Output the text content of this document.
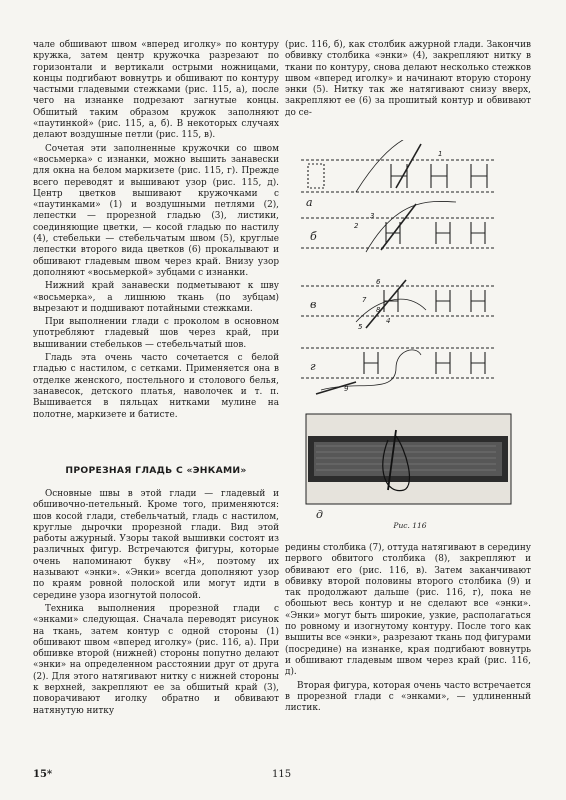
чале обшивают швом «вперед иголку» по контуру кружка, затем центр кружочка разрезают по горизонтали и вертикали острыми ножницами, концы подгибают вовнутрь и обшивают по контуру частыми гладевыми стежками (рис. 115, а), после чего на изнанке подрезают загнутые концы. Обшитый таким образом кружок заполняют «паутинкой» (рис. 115, а, б). В некоторых случаях делают воздушные петли (рис. 115, в).

Сочетая эти заполненные кружочки со швом «восьмерка» с изнанки, можно вышить занавески для окна на белом маркизете (рис. 115, г). Прежде всего переводят и вышивают узор (рис. 115, д). Центр цветков вышивают кружочками с «паутинками» (1) и воздушными петлями (2), лепестки — прорезной гладью (3), листики, соединяющие цветки, — косой гладью по настилу (4), стебельки — стебельчатым швом (5), круглые лепестки второго вида цветков (6) прокалывают и обшивают гладевым швом через край. Внизу узор дополняют «восьмеркой» зубцами с изнанки.

Нижний край занавески подметывают к шву «восьмерка», а лишнюю ткань (по зубцам) вырезают и подшивают потайными стежками.

При выполнении глади с проколом в основном употребляют гладевый шов через край, при вышивании стебельков — стебельчатый шов.

Гладь эта очень часто сочетается с белой гладью с настилом, с сетками. Применяется она в отделке женского, постельного и столового белья, занавесок, детского платья, наволочек и т. п. Вышивается в пяльцах нитками мулине на полотне, маркизете и батисте.

ПРОРЕЗНАЯ ГЛАДЬ С «ЭНКАМИ»

Основные швы в этой глади — гладевый и обшивочно-петельный. Кроме того, применяются: шов косой глади, стебельчатый, гладь с настилом, круглые дырочки прорезной глади. Вид этой работы ажурный. Узоры такой вышивки состоят из различных фигур. Встречаются фигуры, которые очень напоминают букву «Н», поэтому их называют «энки». «Энки» всегда дополняют узор по краям ровной полоской или могут идти в середине узора изогнутой полосой.

Техника выполнения прорезной глади с «энками» следующая. Сначала переводят рисунок на ткань, затем контур с одной стороны (1) обшивают швом «вперед иголку» (рис. 116, а). При обшивке второй (нижней) стороны попутно делают «энки» на определенном расстоянии друг от друга (2). Для этого натягивают нитку с нижней стороны к верхней, закрепляют ее за обшитый край (3), поворачивают иголку обратно и обвивают натянутую нитку

(рис. 116, б), как столбик ажурной глади. Закончив обвивку столбика «энки» (4), закрепляют нитку в ткани по контуру, снова делают несколько стежков швом «вперед иголку» и начинают вторую сторону энки (5). Нитку так же натягивают снизу вверх, закрепляют ее (6) за прошитый контур и обвивают до се-

а
б
в
г
д
1
2
3
4
5
6
7
8
9
Рис. 116

редины столбика (7), оттуда натягивают в середину первого обвитого столбика (8), закрепляют и обвивают его (рис. 116, в). Затем заканчивают обвивку второй половины второго столбика (9) и так продолжают дальше (рис. 116, г), пока не обошьют весь контур и не сделают все «энки». «Энки» могут быть широкие, узкие, располагаться по ровному и изогнутому контуру. После того как вышиты все «энки», разрезают ткань под фигурами (посредине) на изнанке, края подгибают вовнутрь и обшивают гладевым швом через край (рис. 116, д).

Вторая фигура, которая очень часто встречается в прорезной глади с «энками», — удлиненный листик.

15*	115
